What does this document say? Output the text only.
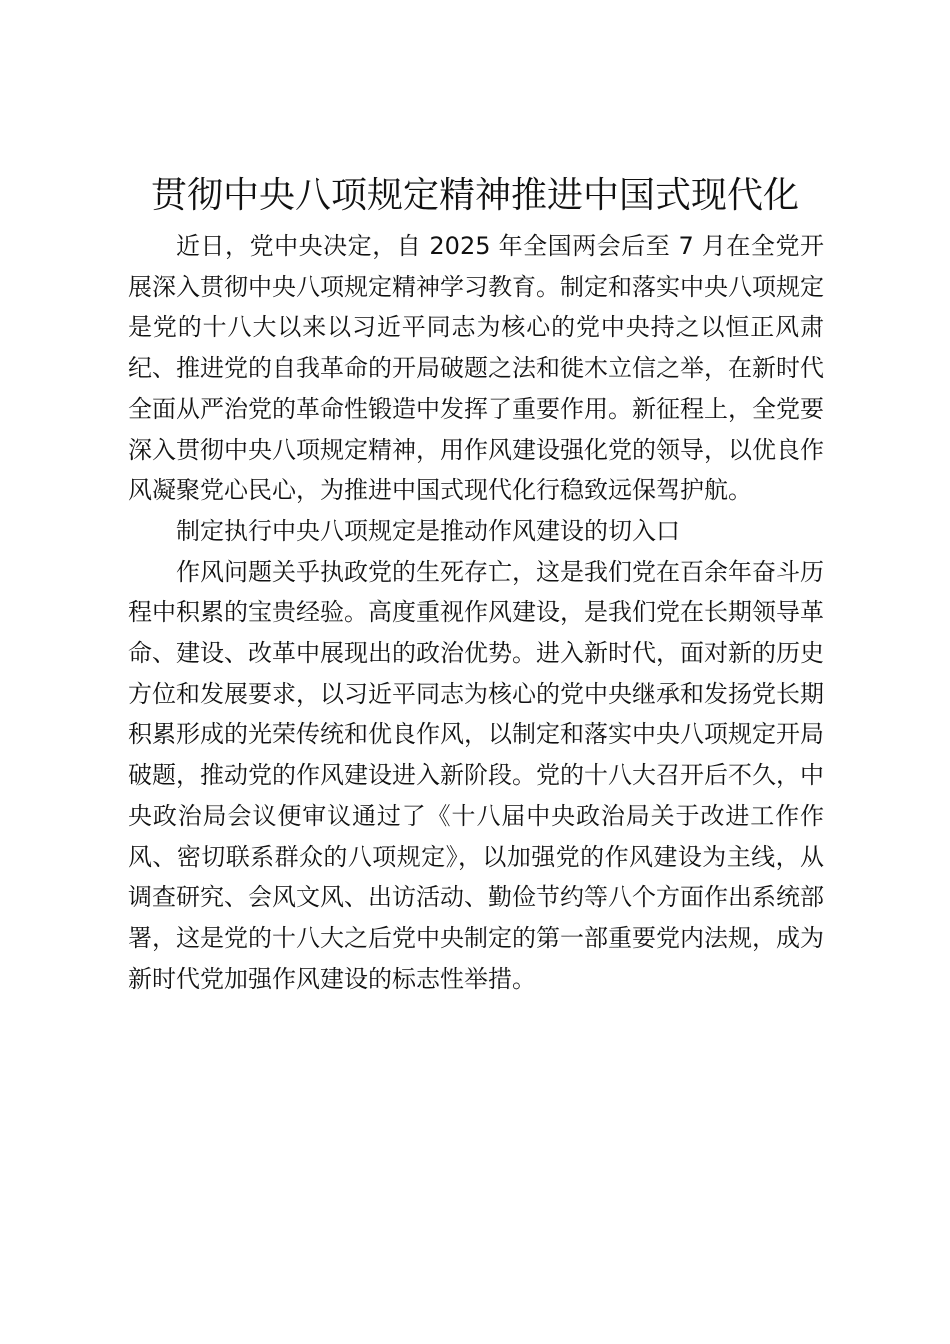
贯彻中央八项规定精神推进中国式现代化

近日，党中央决定，自 2025 年全国两会后至 7 月在全党开展深入贯彻中央八项规定精神学习教育。制定和落实中央八项规定是党的十八大以来以习近平同志为核心的党中央持之以恒正风肃纪、推进党的自我革命的开局破题之法和徙木立信之举，在新时代全面从严治党的革命性锻造中发挥了重要作用。新征程上，全党要深入贯彻中央八项规定精神，用作风建设强化党的领导，以优良作风凝聚党心民心，为推进中国式现代化行稳致远保驾护航。

制定执行中央八项规定是推动作风建设的切入口

作风问题关乎执政党的生死存亡，这是我们党在百余年奋斗历程中积累的宝贵经验。高度重视作风建设，是我们党在长期领导革命、建设、改革中展现出的政治优势。进入新时代，面对新的历史方位和发展要求，以习近平同志为核心的党中央继承和发扬党长期积累形成的光荣传统和优良作风，以制定和落实中央八项规定开局破题，推动党的作风建设进入新阶段。党的十八大召开后不久，中央政治局会议便审议通过了《十八届中央政治局关于改进工作作风、密切联系群众的八项规定》，以加强党的作风建设为主线，从调查研究、会风文风、出访活动、勤俭节约等八个方面作出系统部署，这是党的十八大之后党中央制定的第一部重要党内法规，成为新时代党加强作风建设的标志性举措。
